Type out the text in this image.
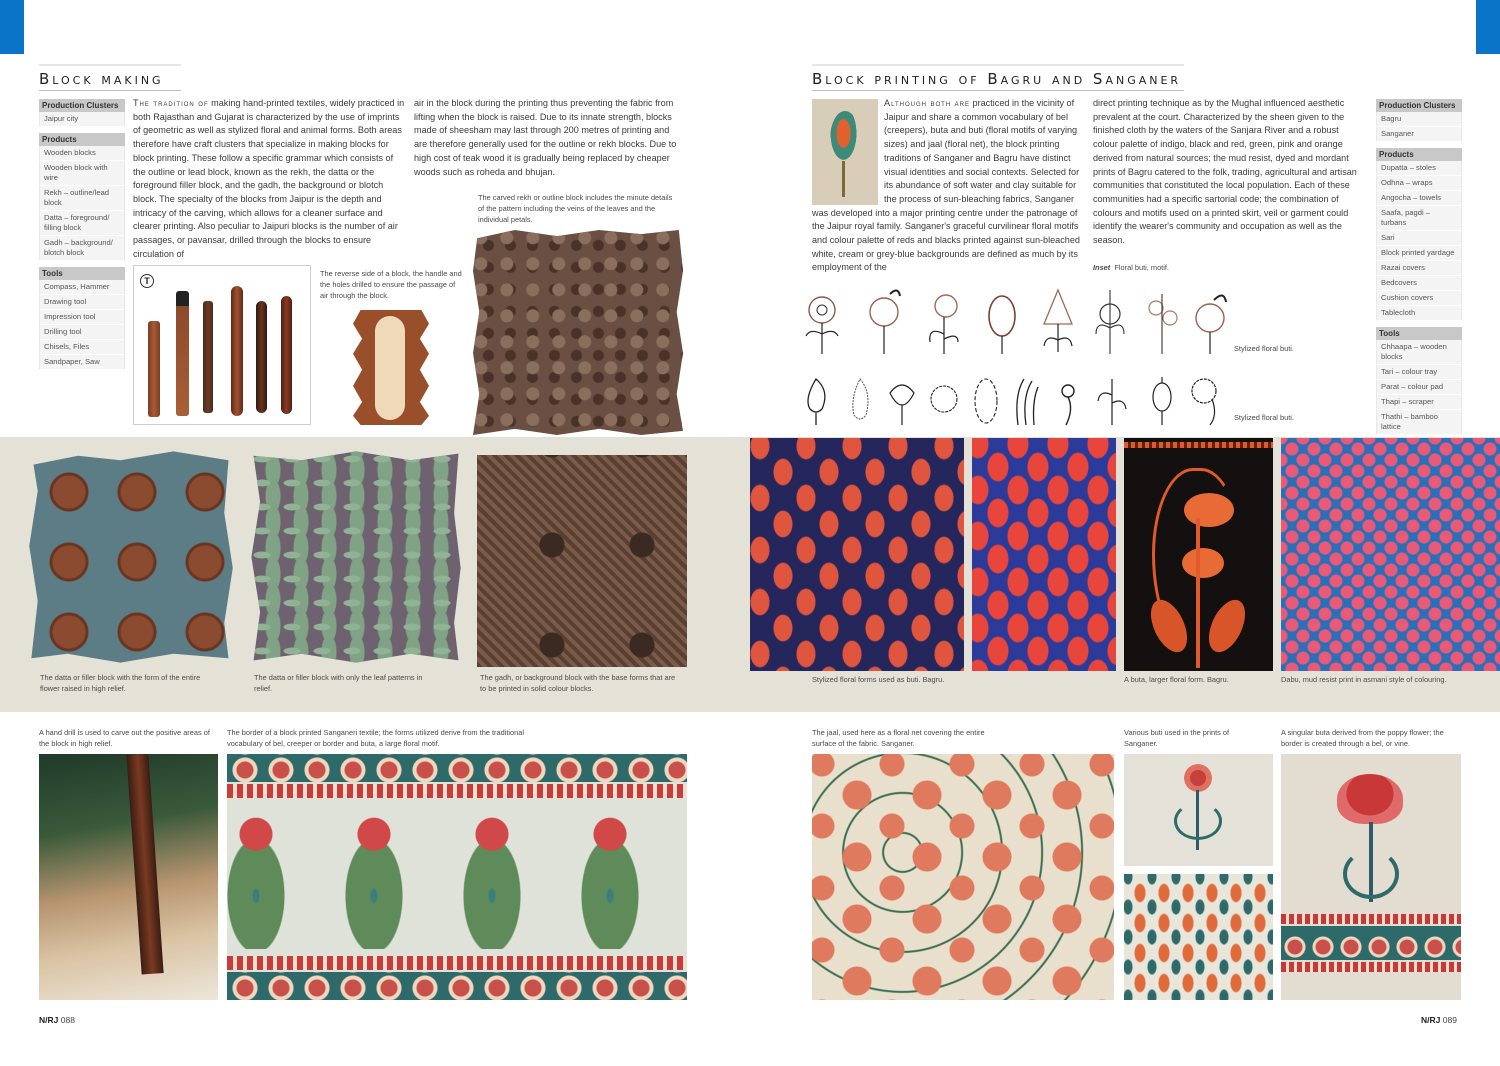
Block making
Production Clusters
Jaipur city
Products
Wooden blocks
Wooden block with wire
Rekh – outline/lead block
Datta – foreground/ filling block
Gadh – background/ blotch block
Tools
Compass, Hammer
Drawing tool
Impression tool
Drilling tool
Chisels, Files
Sandpaper, Saw
The tradition of making hand-printed textiles, widely practiced in both Rajasthan and Gujarat is characterized by the use of imprints of geometric as well as stylized floral and animal forms. Both areas therefore have craft clusters that specialize in making blocks for block printing. These follow a specific grammar which consists of the outline or lead block, known as the rekh, the datta or the foreground filler block, and the gadh, the background or blotch block. The specialty of the blocks from Jaipur is the depth and intricacy of the carving, which allows for a cleaner surface and clearer printing. Also peculiar to Jaipuri blocks is the number of air passages, or pavansar, drilled through the blocks to ensure circulation of
air in the block during the printing thus preventing the fabric from lifting when the block is raised. Due to its innate strength, blocks made of sheesham may last through 200 metres of printing and are therefore generally used for the outline or rekh blocks. Due to high cost of teak wood it is gradually being replaced by cheaper woods such as roheda and bhujan.
T
The reverse side of a block, the handle and the holes drilled to ensure the passage of air through the block.
The carved rekh or outline block includes the minute details of the pattern including the veins of the leaves and the individual petals.
The datta or filler block with the form of the entire flower raised in high relief.
The datta or filler block with only the leaf patterns in relief.
The gadh, or background block with the base forms that are to be printed in solid colour blocks.
A hand drill is used to carve out the positive areas of the block in high relief.
The border of a block printed Sanganeri textile; the forms utilized derive from the traditional vocabulary of bel, creeper or border and buta, a large floral motif.
N/RJ 088
Block printing of Bagru and Sanganer
Although both are practiced in the vicinity of Jaipur and share a common vocabulary of bel (creepers), buta and buti (floral motifs of varying sizes) and jaal (floral net), the block printing traditions of Sanganer and Bagru have distinct visual identities and social contexts. Selected for its abundance of soft water and clay suitable for the process of sun-bleaching fabrics, Sanganer was developed into a major printing centre under the patronage of the Jaipur royal family. Sanganer's graceful curvilinear floral motifs and colour palette of reds and blacks printed against sun-bleached white, cream or grey-blue backgrounds are defined as much by its employment of the
direct printing technique as by the Mughal influenced aesthetic prevalent at the court. Characterized by the sheen given to the finished cloth by the waters of the Sanjara River and a robust colour palette of indigo, black and red, green, pink and orange derived from natural sources; the mud resist, dyed and mordant prints of Bagru catered to the folk, trading, agricultural and artisan communities that constituted the local population. Each of these communities had a specific sartorial code; the combination of colours and motifs used on a printed skirt, veil or garment could identify the wearer's community and occupation as well as the season.
Inset Floral buti, motif.
Production Clusters
Bagru
Sanganer
Products
Dupatta – stoles
Odhna – wraps
Angocha – towels
Saafa, pagdi – turbans
Sari
Block printed yardage
Razai covers
Bedcovers
Cushion covers
Tablecloth
Tools
Chhaapa – wooden blocks
Tari – colour tray
Parat – colour pad
Thapi – scraper
Thathi – bamboo lattice
Stylized floral buti.
Stylized floral buti.
Stylized floral forms used as buti. Bagru.	A buta, larger floral form. Bagru.	Dabu, mud resist print in asmani style of colouring.
The jaal, used here as a floral net covering the entire surface of the fabric. Sanganer.
Various buti used in the prints of Sanganer.
A singular buta derived from the poppy flower; the border is created through a bel, or vine.
N/RJ 089
